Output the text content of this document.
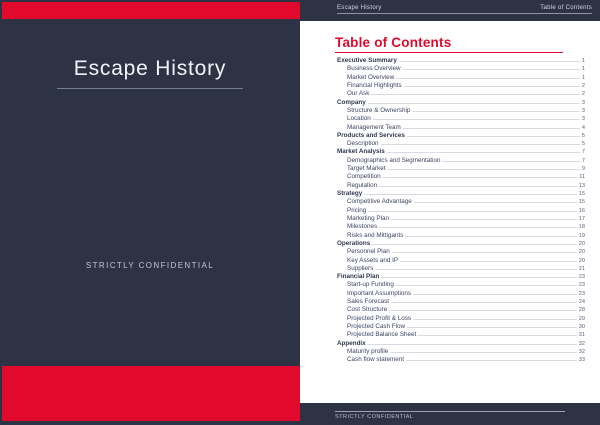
Escape History
STRICTLY CONFIDENTIAL
Escape History	Table of Contents
Table of Contents
Executive Summary	1
Business Overview	1
Market Overview	1
Financial Highlights	2
Our Ask	2
Company	3
Structure & Ownership	3
Location	3
Management Team	4
Products and Services	5
Description	5
Market Analysis	7
Demographics and Segmentation	7
Target Market	9
Competition	11
Regulation	13
Strategy	15
Competitive Advantage	15
Pricing	16
Marketing Plan	17
Milestones	18
Risks and Mittigants	19
Operations	20
Personnel Plan	20
Key Assets and IP	20
Suppliers	21
Financial Plan	23
Start-up Funding	23
Important Assumptions	23
Sales Forecast	24
Cost Structure	28
Projected Profit & Loss	29
Projected Cash Flow	30
Projected Balance Sheet	31
Appendix	32
Maturity profile	32
Cash flow statement	33
STRICTLY CONFIDENTIAL
